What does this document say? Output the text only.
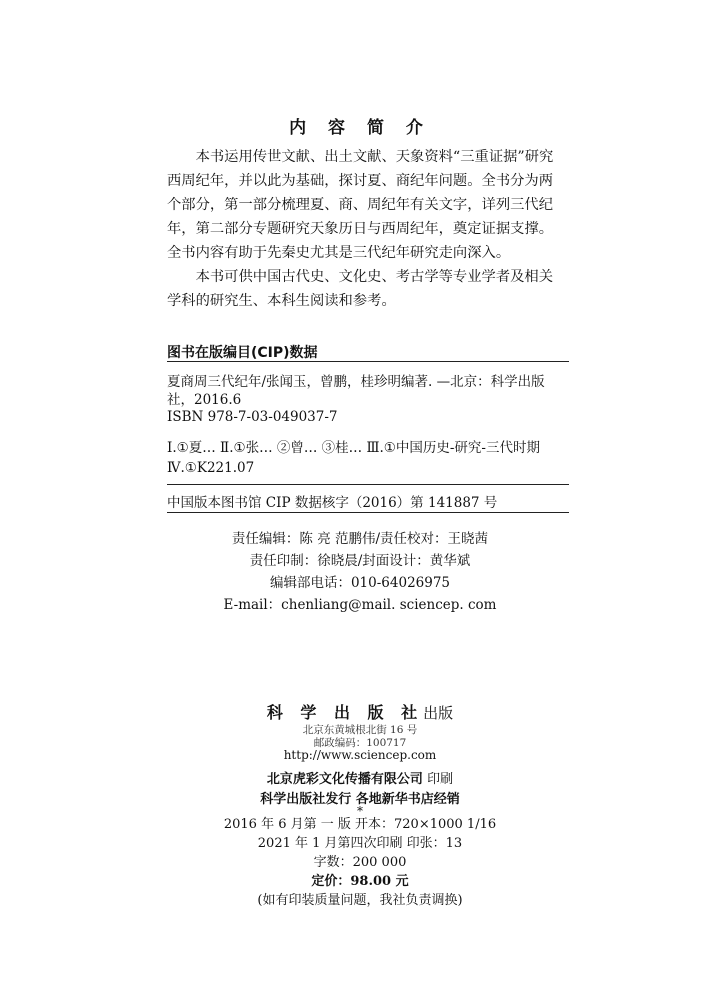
内 容 简 介

本书运用传世文献、出土文献、天象资料“三重证据”研究西周纪年，并以此为基础，探讨夏、商纪年问题。全书分为两个部分，第一部分梳理夏、商、周纪年有关文字，详列三代纪年，第二部分专题研究天象历日与西周纪年，奠定证据支撑。全书内容有助于先秦史尤其是三代纪年研究走向深入。

本书可供中国古代史、文化史、考古学等专业学者及相关学科的研究生、本科生阅读和参考。

图书在版编目(CIP)数据
夏商周三代纪年/张闻玉，曾鹏，桂珍明编著. —北京：科学出版
社，2016.6
ISBN 978-7-03-049037-7
Ⅰ.①夏… Ⅱ.①张… ②曾… ③桂… Ⅲ.①中国历史-研究-三代时期
Ⅳ.①K221.07
中国版本图书馆 CIP 数据核字（2016）第 141887 号
责任编辑：陈 亮 范鹏伟/责任校对：王晓茜
责任印制：徐晓晨/封面设计：黄华斌
编辑部电话：010-64026975
E-mail：chenliang@mail. sciencep. com
科 学 出 版 社出版
北京东黄城根北街 16 号
邮政编码：100717
http://www.sciencep.com
北京虎彩文化传播有限公司 印刷
科学出版社发行 各地新华书店经销
*
2016 年 6 月第 一 版 开本：720×1000 1/16
2021 年 1 月第四次印刷 印张：13
字数：200 000
定价：98.00 元
(如有印装质量问题，我社负责调换)
